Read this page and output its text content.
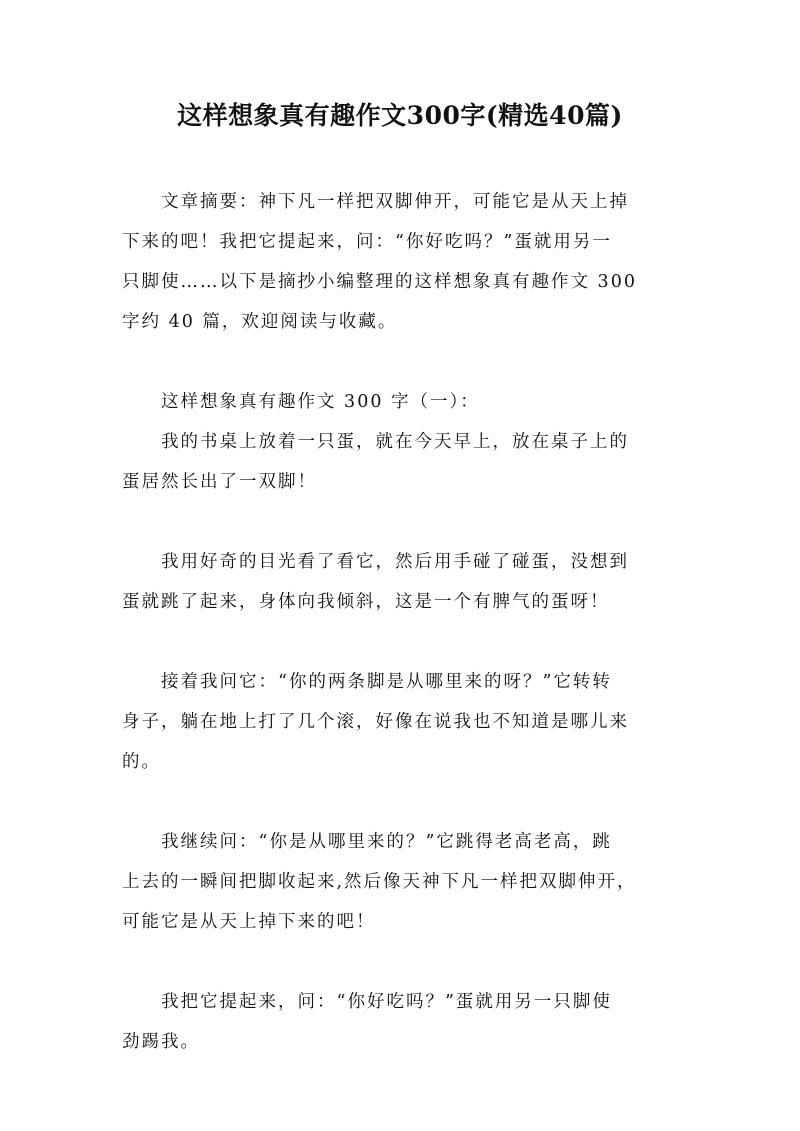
这样想象真有趣作文300字(精选40篇)
　　文章摘要：神下凡一样把双脚伸开，可能它是从天上掉
下来的吧！我把它提起来，问：“你好吃吗？”蛋就用另一
只脚使……以下是摘抄小编整理的这样想象真有趣作文 300
字约 40 篇，欢迎阅读与收藏。
　　这样想象真有趣作文 300 字（一）：
　　我的书桌上放着一只蛋，就在今天早上，放在桌子上的
蛋居然长出了一双脚！
　　我用好奇的目光看了看它，然后用手碰了碰蛋，没想到
蛋就跳了起来，身体向我倾斜，这是一个有脾气的蛋呀！
　　接着我问它：“你的两条脚是从哪里来的呀？”它转转
身子，躺在地上打了几个滚，好像在说我也不知道是哪儿来
的。
　　我继续问：“你是从哪里来的？”它跳得老高老高，跳
上去的一瞬间把脚收起来,然后像天神下凡一样把双脚伸开，
可能它是从天上掉下来的吧！
　　我把它提起来，问：“你好吃吗？”蛋就用另一只脚使
劲踢我。
